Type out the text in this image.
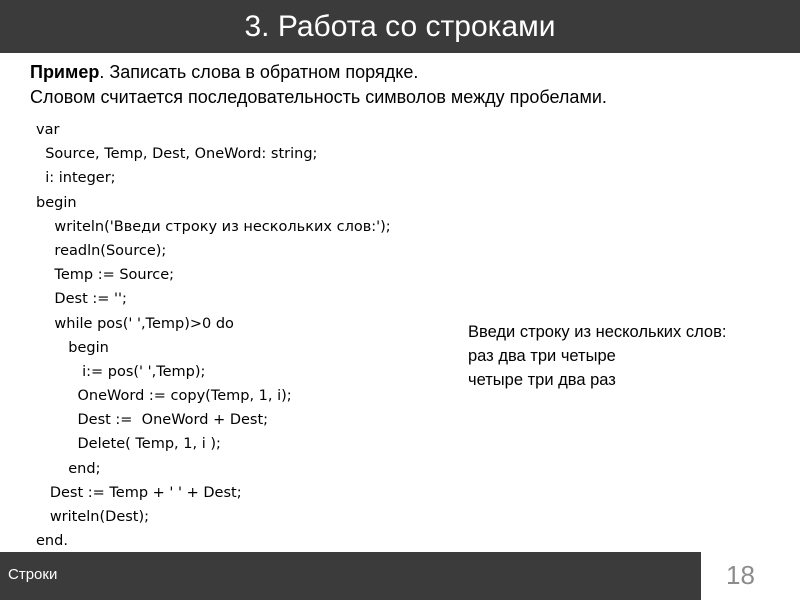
3. Работа со строками
Пример. Записать слова в обратном порядке.
Словом считается последовательность символов между пробелами.
var
Source, Temp, Dest, OneWord: string;
i: integer;
begin
writeln('Введи строку из нескольких слов:');
readln(Source);
Temp := Source;
Dest := '';
while pos(' ',Temp)>0 do
begin
i:= pos(' ',Temp);
OneWord := copy(Temp, 1, i);
Dest :=  OneWord + Dest;
Delete( Temp, 1, i );
end;
Dest := Temp + ' ' + Dest;
writeln(Dest);
end.
Введи строку из нескольких слов:
раз два три четыре
четыре три два раз
Строки	18
